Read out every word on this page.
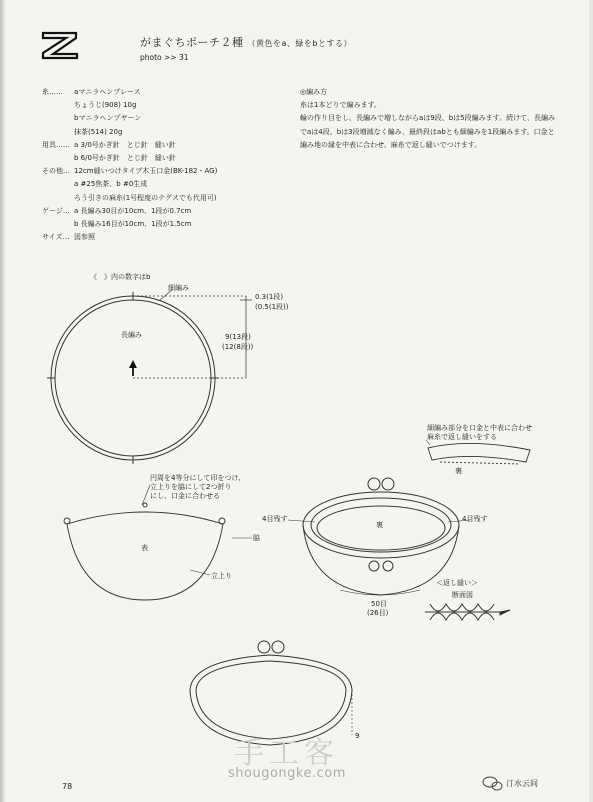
Z
がまぐちポーチ２種 （黄色をa、緑をbとする）
photo >> 31
糸……	aマニラヘンプレース
ちょうじ(908) 10g
bマニラヘンプヤーン
抹茶(514) 20g
用具…… a 3/0号かぎ針　とじ針　縫い針
b 6/0号かぎ針　とじ針　縫い針
その他… 12cm縫いつけタイプ木玉口金(BK-182・AG)
a #25焦茶、b #0生成
ろう引きの麻糸(1号程度のテグスでも代用可)
ゲージ… a 長編み30目が10cm、1段が0.7cm
b 長編み16目が10cm、1段が1.5cm
サイズ… 図参照

◎編み方

糸は1本どりで編みます。

輪の作り目をし、長編みで増しながらaは9段、bは5段編みます。続けて、長編みでaは4段、bは3段増減なく編み、最終段はabとも細編みを1段編みます。口金と編み地の縁を中表に合わせ、麻糸で返し縫いでつけます。

《　》内の数字はb
細編み
長編み
0.3(1段)
(0.5(1段))
9(13段)
(12(8段))
円周を4等分にして印をつけ、
立上りを脇にして2つ折り
にし、口金に合わせる
表
脇
立上り
細編み部分を口金と中表に合わせ
麻糸で返し縫いをする
裏
裏
4目残す	4目残す
50目
(26目)
＜返し縫い＞
断面図
9
手工客
shougongke.com
汀水云间
78
